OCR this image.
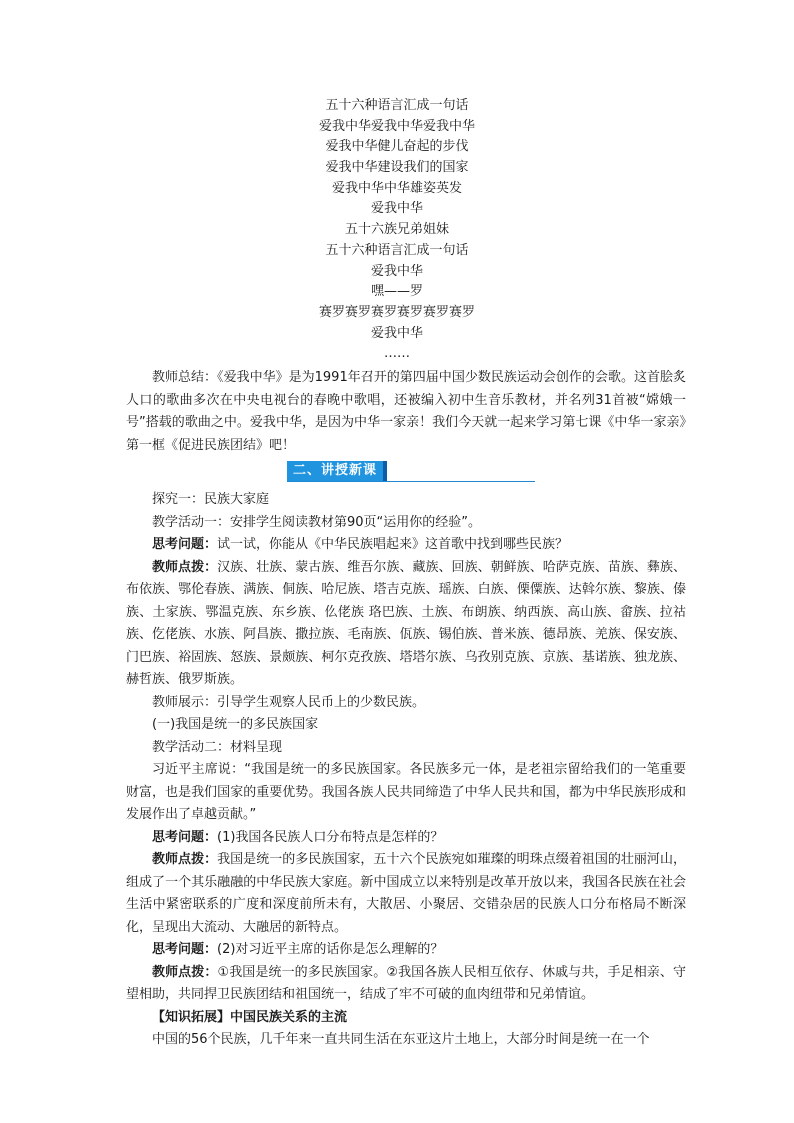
五十六种语言汇成一句话
爱我中华爱我中华爱我中华
爱我中华健儿奋起的步伐
爱我中华建设我们的国家
爱我中华中华雄姿英发
爱我中华
五十六族兄弟姐妹
五十六种语言汇成一句话
爱我中华
嘿——罗
赛罗赛罗赛罗赛罗赛罗赛罗
爱我中华
……

教师总结：《爱我中华》是为1991年召开的第四届中国少数民族运动会创作的会歌。这首脍炙人口的歌曲多次在中央电视台的春晚中歌唱，还被编入初中生音乐教材，并名列31首被“嫦娥一号”搭载的歌曲之中。爱我中华，是因为中华一家亲！我们今天就一起来学习第七课《中华一家亲》第一框《促进民族团结》吧！

二、讲授新课

探究一：民族大家庭

教学活动一：安排学生阅读教材第90页“运用你的经验”。

思考问题：试一试，你能从《中华民族唱起来》这首歌中找到哪些民族？

教师点拨：汉族、壮族、蒙古族、维吾尔族、藏族、回族、朝鲜族、哈萨克族、苗族、彝族、布依族、鄂伦春族、满族、侗族、哈尼族、塔吉克族、瑶族、白族、傈僳族、达斡尔族、黎族、傣族、土家族、鄂温克族、东乡族、仫佬族 珞巴族、土族、布朗族、纳西族、高山族、畲族、拉祜族、仡佬族、水族、阿昌族、撒拉族、毛南族、佤族、锡伯族、普米族、德昂族、羌族、保安族、门巴族、裕固族、怒族、景颇族、柯尔克孜族、塔塔尔族、乌孜别克族、京族、基诺族、独龙族、赫哲族、俄罗斯族。

教师展示：引导学生观察人民币上的少数民族。

(一)我国是统一的多民族国家

教学活动二：材料呈现

习近平主席说：“我国是统一的多民族国家。各民族多元一体，是老祖宗留给我们的一笔重要财富，也是我们国家的重要优势。我国各族人民共同缔造了中华人民共和国，都为中华民族形成和发展作出了卓越贡献。”

思考问题：(1)我国各民族人口分布特点是怎样的？

教师点拨：我国是统一的多民族国家，五十六个民族宛如璀璨的明珠点缀着祖国的壮丽河山，组成了一个其乐融融的中华民族大家庭。新中国成立以来特别是改革开放以来，我国各民族在社会生活中紧密联系的广度和深度前所未有，大散居、小聚居、交错杂居的民族人口分布格局不断深化，呈现出大流动、大融居的新特点。

思考问题：(2)对习近平主席的话你是怎么理解的？

教师点拨：①我国是统一的多民族国家。②我国各族人民相互依存、休戚与共，手足相亲、守望相助，共同捍卫民族团结和祖国统一，结成了牢不可破的血肉纽带和兄弟情谊。

【知识拓展】中国民族关系的主流

中国的56个民族，几千年来一直共同生活在东亚这片土地上，大部分时间是统一在一个
